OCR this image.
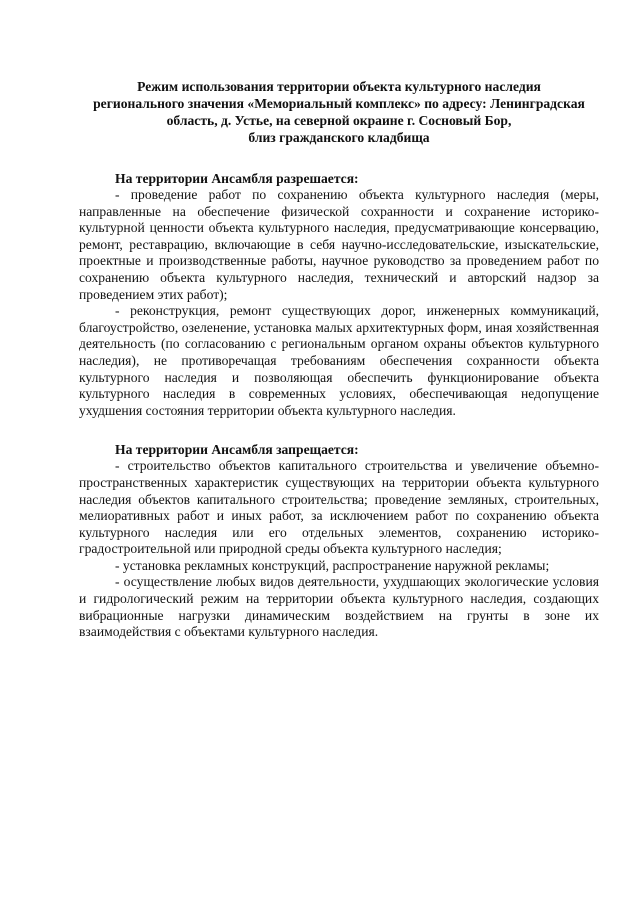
Режим использования территории объекта культурного наследия
регионального значения «Мемориальный комплекс» по адресу: Ленинградская
область, д. Устье, на северной окраине г. Сосновый Бор,
близ гражданского кладбища

На территории Ансамбля разрешается:

- проведение работ по сохранению объекта культурного наследия (меры, направленные на обеспечение физической сохранности и сохранение историко-культурной ценности объекта культурного наследия, предусматривающие консервацию, ремонт, реставрацию, включающие в себя научно-исследовательские, изыскательские, проектные и производственные работы, научное руководство за проведением работ по сохранению объекта культурного наследия, технический и авторский надзор за проведением этих работ);

- реконструкция, ремонт существующих дорог, инженерных коммуникаций, благоустройство, озеленение, установка малых архитектурных форм, иная хозяйственная деятельность (по согласованию с региональным органом охраны объектов культурного наследия), не противоречащая требованиям обеспечения сохранности объекта культурного наследия и позволяющая обеспечить функционирование объекта культурного наследия в современных условиях, обеспечивающая недопущение ухудшения состояния территории объекта культурного наследия.

На территории Ансамбля запрещается:

- строительство объектов капитального строительства и увеличение объемно-пространственных характеристик существующих на территории объекта культурного наследия объектов капитального строительства; проведение земляных, строительных, мелиоративных работ и иных работ, за исключением работ по сохранению объекта культурного наследия или его отдельных элементов, сохранению историко-градостроительной или природной среды объекта культурного наследия;

- установка рекламных конструкций, распространение наружной рекламы;

- осуществление любых видов деятельности, ухудшающих экологические условия и гидрологический режим на территории объекта культурного наследия, создающих вибрационные нагрузки динамическим воздействием на грунты в зоне их взаимодействия с объектами культурного наследия.
